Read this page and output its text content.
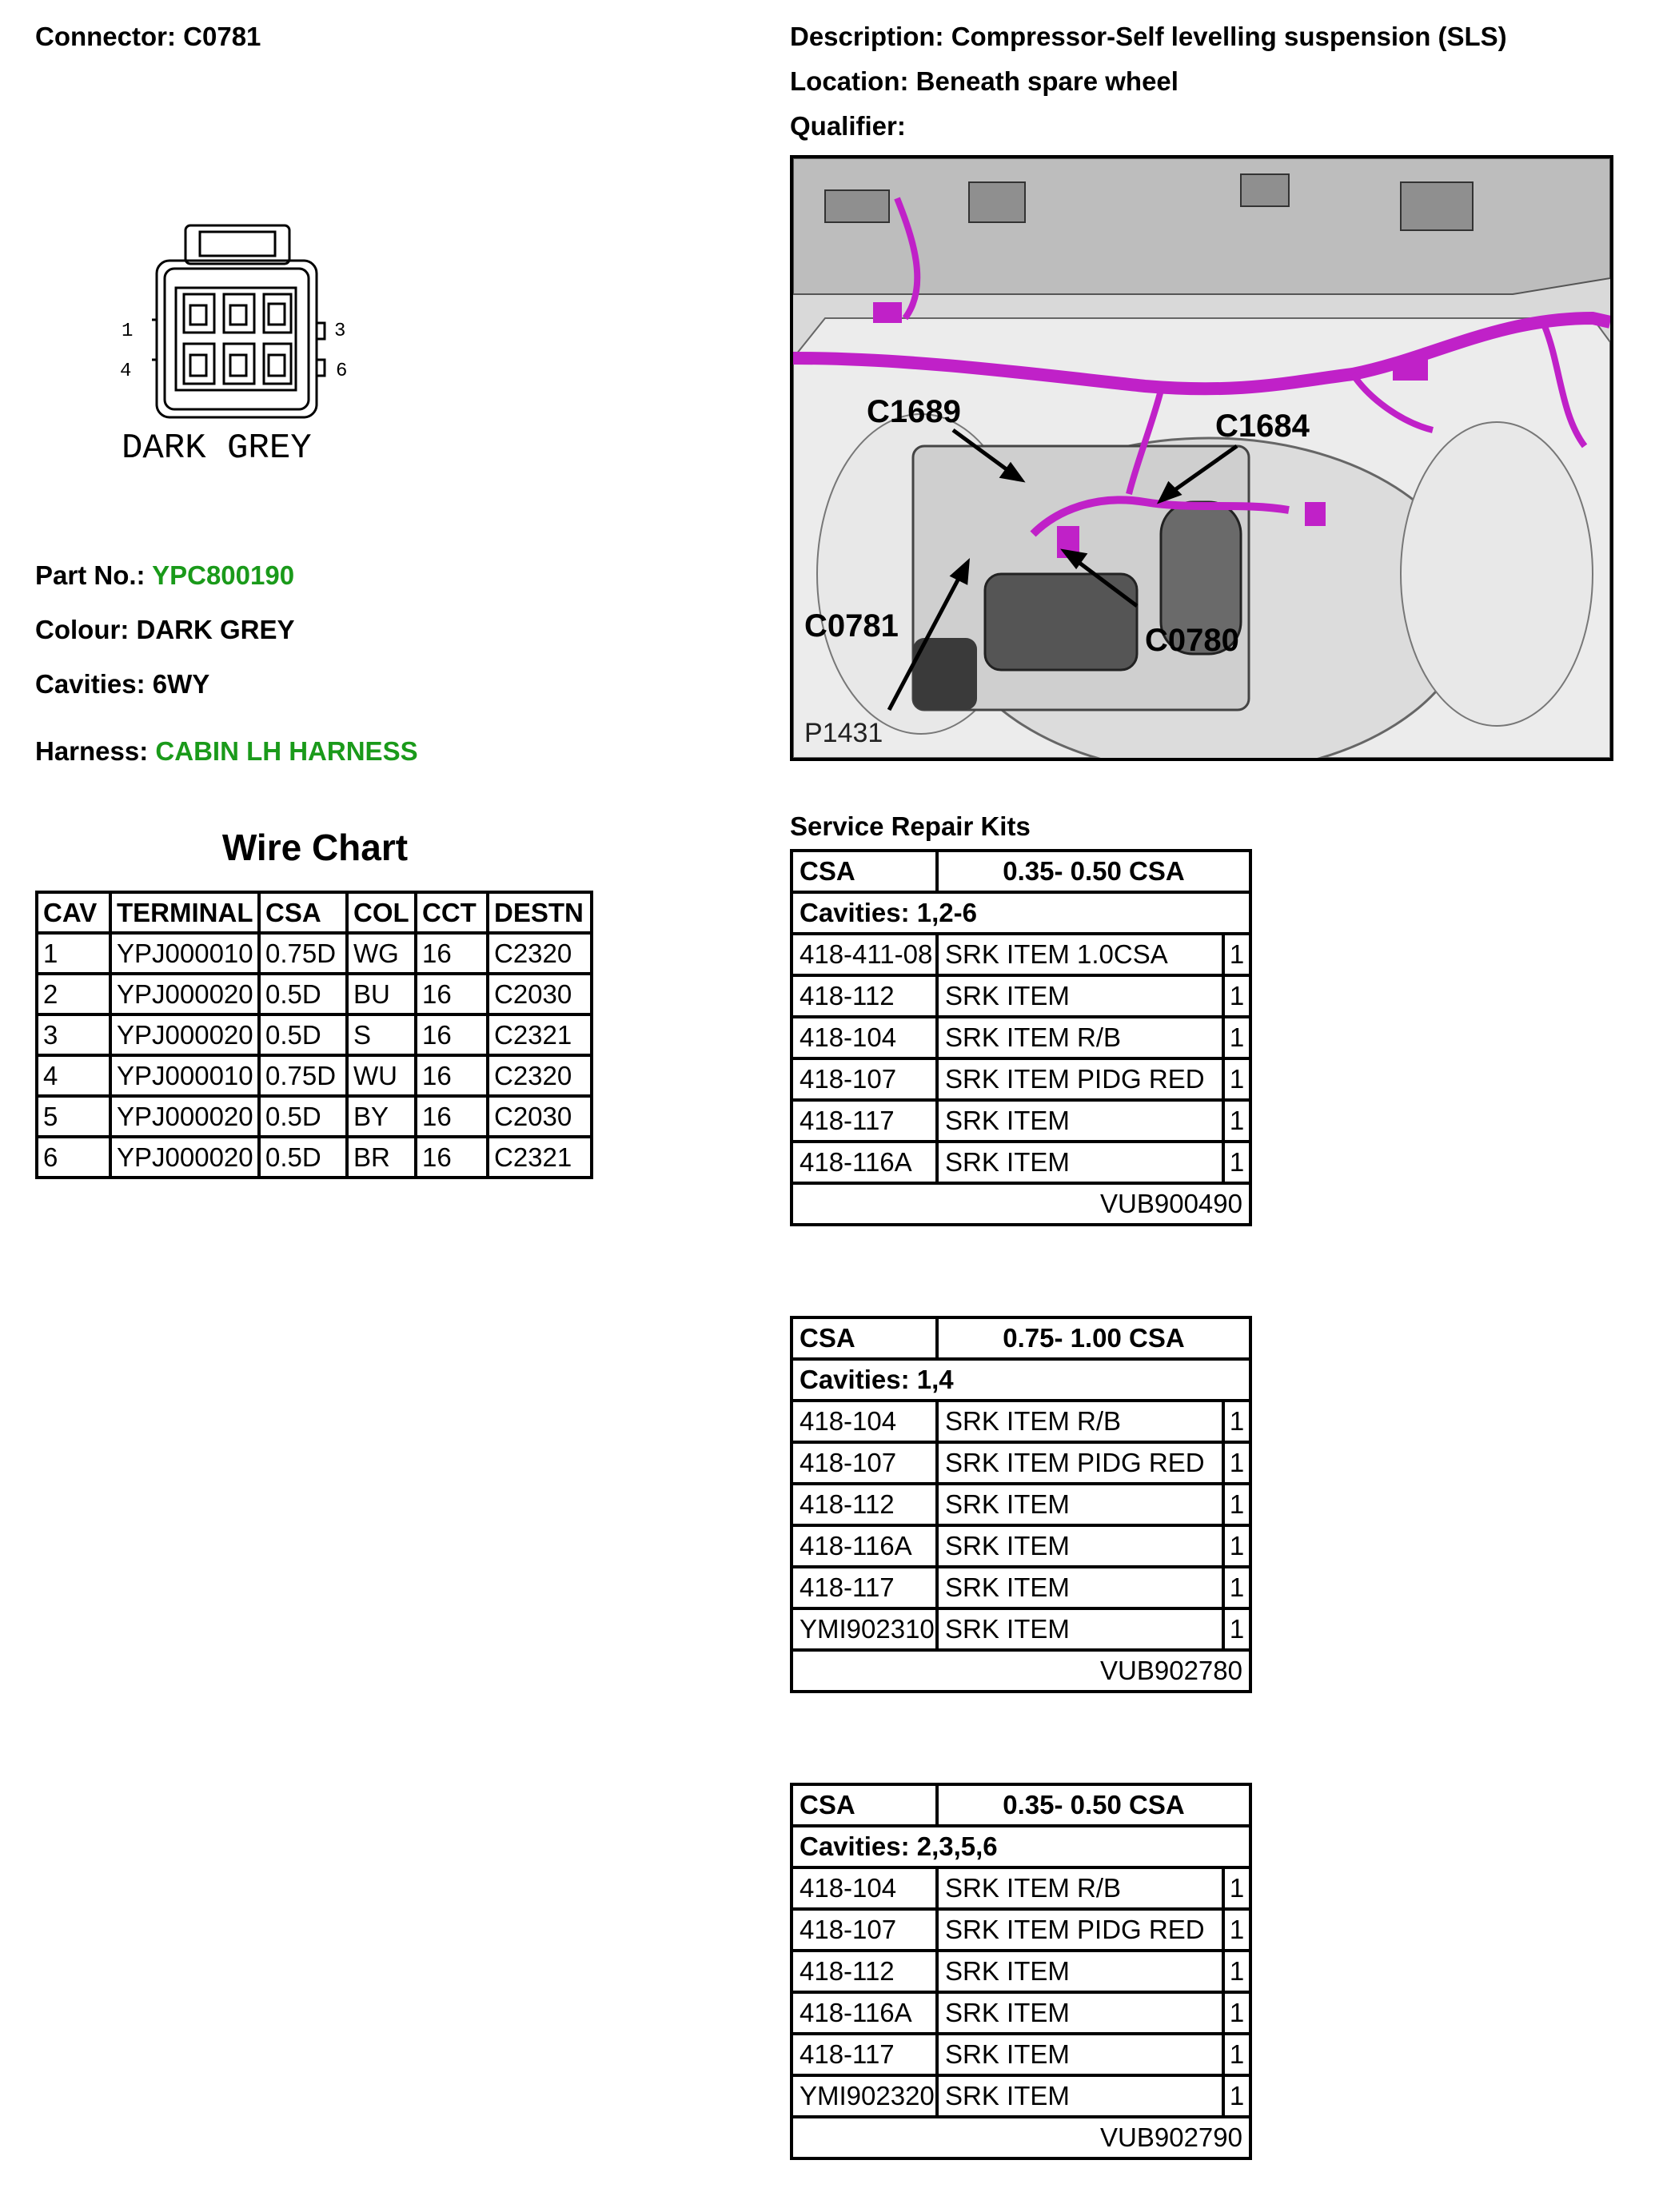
Connector: C0781	Description: Compressor-Self levelling suspension (SLS)
Location: Beneath spare wheel
Qualifier:
1	3
4	6
DARK GREY
Part No.: YPC800190
Colour: DARK GREY
Cavities: 6WY
Harness: CABIN LH HARNESS
C1689	C1684
C0781	C0780
P1431
Wire Chart
CAV	TERMINAL	CSA	COL	CCT	DESTN
1	YPJ000010	0.75D	WG	16	C2320
2	YPJ000020	0.5D	BU	16	C2030
3	YPJ000020	0.5D	S	16	C2321
4	YPJ000010	0.75D	WU	16	C2320
5	YPJ000020	0.5D	BY	16	C2030
6	YPJ000020	0.5D	BR	16	C2321
Service Repair Kits
CSA	0.35- 0.50 CSA	
Cavities: 1,2-6		
418-411-08	SRK ITEM 1.0CSA	1
418-112	SRK ITEM	1
418-104	SRK ITEM R/B	1
418-107	SRK ITEM PIDG RED	1
418-117	SRK ITEM	1
418-116A	SRK ITEM	1
VUB900490		
CSA	0.75- 1.00 CSA	
Cavities: 1,4		
418-104	SRK ITEM R/B	1
418-107	SRK ITEM PIDG RED	1
418-112	SRK ITEM	1
418-116A	SRK ITEM	1
418-117	SRK ITEM	1
YMI902310	SRK ITEM	1
VUB902780		
CSA	0.35- 0.50 CSA	
Cavities: 2,3,5,6		
418-104	SRK ITEM R/B	1
418-107	SRK ITEM PIDG RED	1
418-112	SRK ITEM	1
418-116A	SRK ITEM	1
418-117	SRK ITEM	1
YMI902320	SRK ITEM	1
VUB902790		
